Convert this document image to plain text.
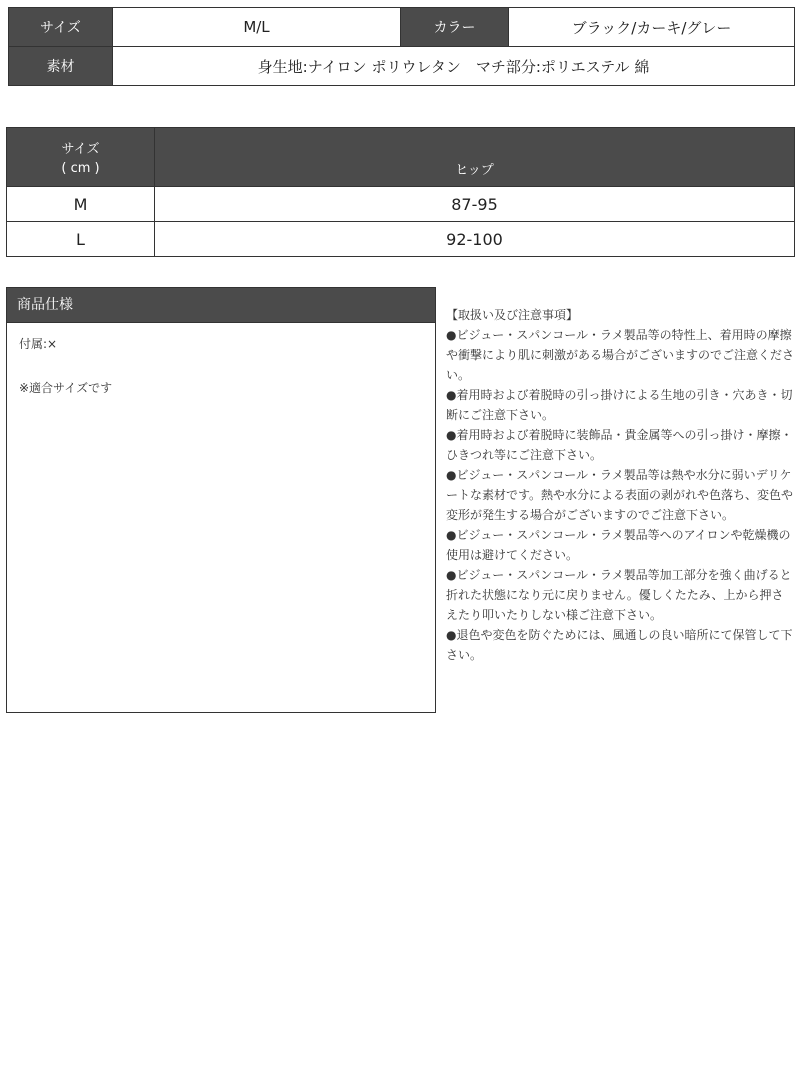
サイズ	M/L	カラー	ブラック/カーキ/グレー
素材	身生地:ナイロン ポリウレタン　マチ部分:ポリエステル 綿		
サイズ
( cm )	ヒップ
M	87-95
L	92-100
商品仕様
付属:×
※適合サイズです

【取扱い及び注意事項】

●ビジュー・スパンコール・ラメ製品等の特性上、着用時の摩擦や衝撃により肌に刺激がある場合がございますのでご注意ください。

●着用時および着脱時の引っ掛けによる生地の引き・穴あき・切断にご注意下さい。

●着用時および着脱時に装飾品・貴金属等への引っ掛け・摩擦・ひきつれ等にご注意下さい。

●ビジュー・スパンコール・ラメ製品等は熱や水分に弱いデリケートな素材です。熱や水分による表面の剥がれや色落ち、変色や変形が発生する場合がございますのでご注意下さい。

●ビジュー・スパンコール・ラメ製品等へのアイロンや乾燥機の使用は避けてください。

●ビジュー・スパンコール・ラメ製品等加工部分を強く曲げると折れた状態になり元に戻りません。優しくたたみ、上から押さえたり叩いたりしない様ご注意下さい。

●退色や変色を防ぐためには、風通しの良い暗所にて保管して下さい。
